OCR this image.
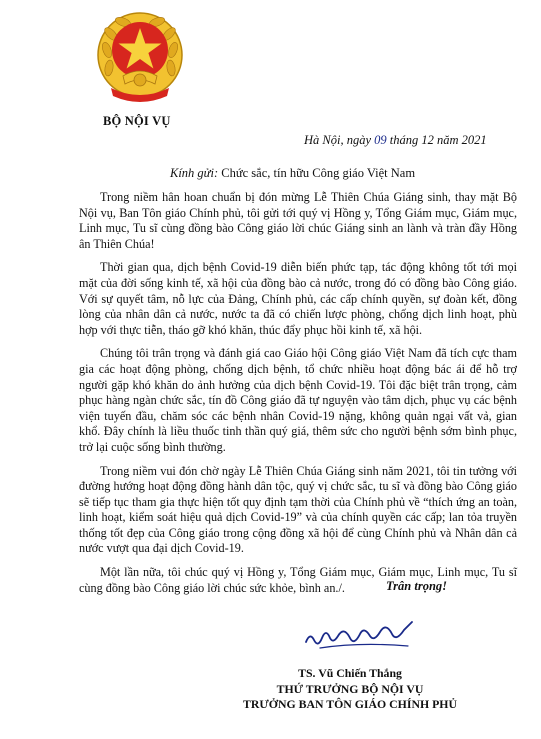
BỘ NỘI VỤ
Hà Nội, ngày 09 tháng 12 năm 2021
Kính gửi: Chức sắc, tín hữu Công giáo Việt Nam

Trong niềm hân hoan chuẩn bị đón mừng Lễ Thiên Chúa Giáng sinh, thay mặt Bộ Nội vụ, Ban Tôn giáo Chính phủ, tôi gửi tới quý vị Hồng y, Tổng Giám mục, Giám mục, Linh mục, Tu sĩ cùng đồng bào Công giáo lời chúc Giáng sinh an lành và tràn đầy Hồng ân Thiên Chúa!

Thời gian qua, dịch bệnh Covid-19 diễn biến phức tạp, tác động không tốt tới mọi mặt của đời sống kinh tế, xã hội của đồng bào cả nước, trong đó có đồng bào Công giáo. Với sự quyết tâm, nỗ lực của Đảng, Chính phủ, các cấp chính quyền, sự đoàn kết, đồng lòng của nhân dân cả nước, nước ta đã có chiến lược phòng, chống dịch linh hoạt, phù hợp với thực tiễn, tháo gỡ khó khăn, thúc đẩy phục hồi kinh tế, xã hội.

Chúng tôi trân trọng và đánh giá cao Giáo hội Công giáo Việt Nam đã tích cực tham gia các hoạt động phòng, chống dịch bệnh, tổ chức nhiều hoạt động bác ái để hỗ trợ người gặp khó khăn do ảnh hưởng của dịch bệnh Covid-19. Tôi đặc biệt trân trọng, cảm phục hàng ngàn chức sắc, tín đồ Công giáo đã tự nguyện vào tâm dịch, phục vụ các bệnh viện tuyến đầu, chăm sóc các bệnh nhân Covid-19 nặng, không quản ngại vất vả, gian khổ. Đây chính là liều thuốc tinh thần quý giá, thêm sức cho người bệnh sớm bình phục, trở lại cuộc sống bình thường.

Trong niềm vui đón chờ ngày Lễ Thiên Chúa Giáng sinh năm 2021, tôi tin tưởng với đường hướng hoạt động đồng hành dân tộc, quý vị chức sắc, tu sĩ và đồng bào Công giáo sẽ tiếp tục tham gia thực hiện tốt quy định tạm thời của Chính phủ về “thích ứng an toàn, linh hoạt, kiểm soát hiệu quả dịch Covid-19” và của chính quyền các cấp; lan tỏa truyền thống tốt đẹp của Công giáo trong cộng đồng xã hội để cùng Chính phủ và Nhân dân cả nước vượt qua đại dịch Covid-19.

Một lần nữa, tôi chúc quý vị Hồng y, Tổng Giám mục, Giám mục, Linh mục, Tu sĩ cùng đồng bào Công giáo lời chúc sức khỏe, bình an./.	Trân trọng!
TS. Vũ Chiến Thắng
THỨ TRƯỞNG BỘ NỘI VỤ
TRƯỞNG BAN TÔN GIÁO CHÍNH PHỦ
